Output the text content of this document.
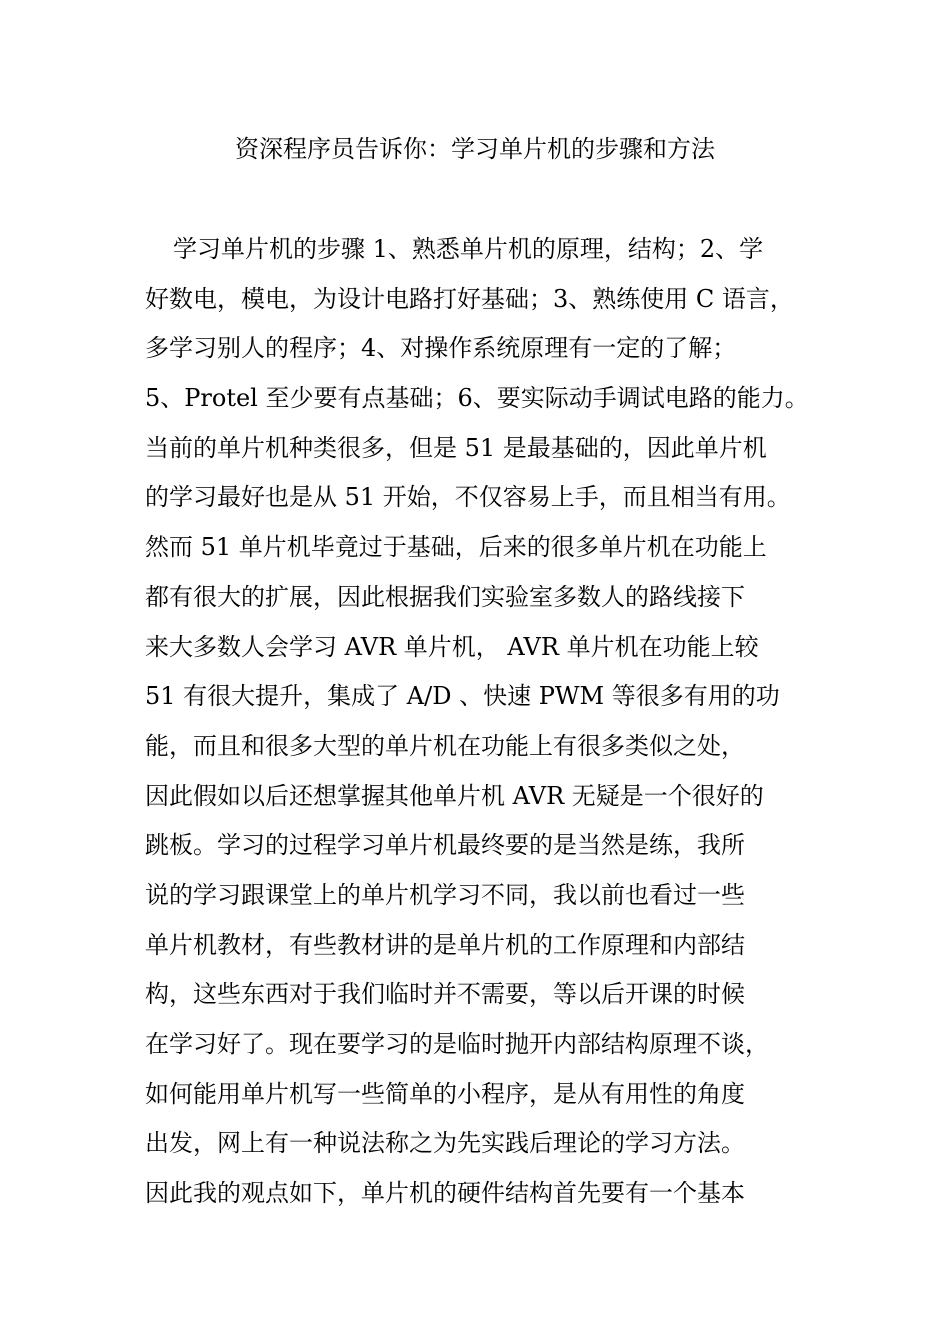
资深程序员告诉你：学习单片机的步骤和方法
学习单片机的步骤 1、熟悉单片机的原理，结构；2、学
好数电，模电，为设计电路打好基础；3、熟练使用 C 语言，
多学习别人的程序；4、对操作系统原理有一定的了解；
5、Protel 至少要有点基础；6、要实际动手调试电路的能力。
当前的单片机种类很多，但是 51 是最基础的，因此单片机
的学习最好也是从 51 开始，不仅容易上手，而且相当有用。
然而 51 单片机毕竟过于基础，后来的很多单片机在功能上
都有很大的扩展，因此根据我们实验室多数人的路线接下
来大多数人会学习 AVR 单片机， AVR 单片机在功能上较
51 有很大提升，集成了 A/D 、快速 PWM 等很多有用的功
能，而且和很多大型的单片机在功能上有很多类似之处，
因此假如以后还想掌握其他单片机 AVR 无疑是一个很好的
跳板。学习的过程学习单片机最终要的是当然是练，我所
说的学习跟课堂上的单片机学习不同，我以前也看过一些
单片机教材，有些教材讲的是单片机的工作原理和内部结
构，这些东西对于我们临时并不需要，等以后开课的时候
在学习好了。现在要学习的是临时抛开内部结构原理不谈，
如何能用单片机写一些简单的小程序，是从有用性的角度
出发，网上有一种说法称之为先实践后理论的学习方法。
因此我的观点如下，单片机的硬件结构首先要有一个基本
